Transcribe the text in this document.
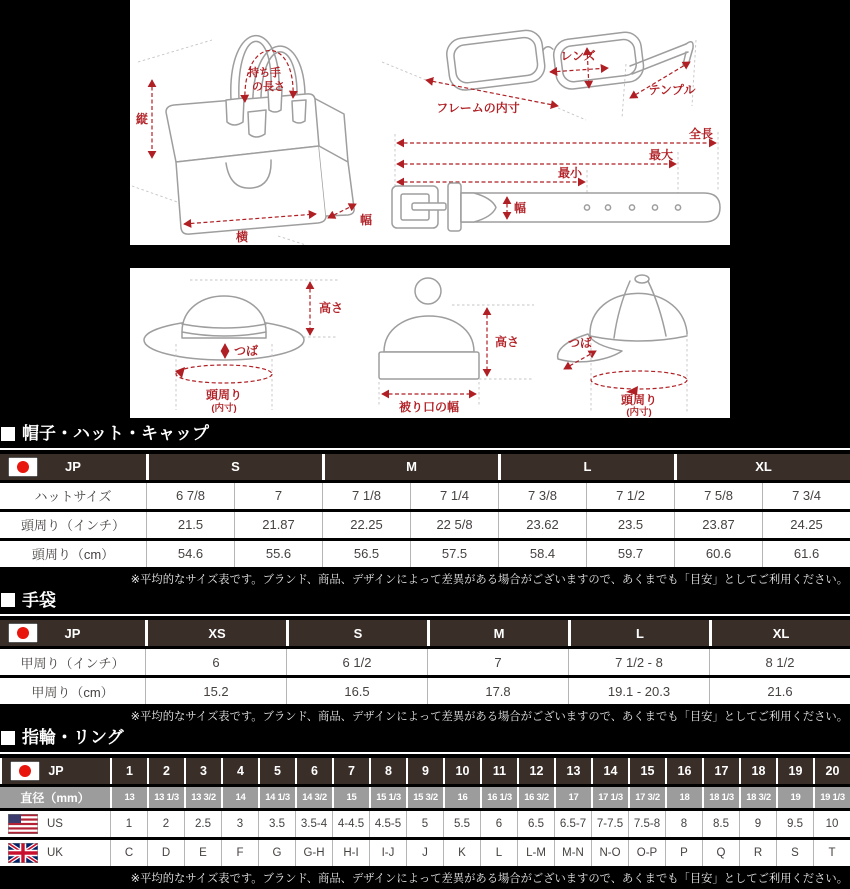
縦
横
幅
持ち手
の長さ
レンズ
フレームの内寸
テンプル
全長
最大
最小
幅
高さ
つば
頭周り
(内寸)
高さ
被り口の幅
つば
頭周り
(内寸)
帽子・ハット・キャップ
JP	S		M		L		XL	
ハットサイズ	6 7/8	7	7 1/8	7 1/4	7 3/8	7 1/2	7 5/8	7 3/4
頭周り（インチ）	21.5	21.87	22.25	22 5/8	23.62	23.5	23.87	24.25
頭周り（cm）	54.6	55.6	56.5	57.5	58.4	59.7	60.6	61.6

※平均的なサイズ表です。ブランド、商品、デザインによって差異がある場合がございますので、あくまでも「目安」としてご利用ください。

手袋
JP	XS	S	M	L	XL
甲周り（インチ）	6	6 1/2	7	7 1/2 - 8	8 1/2
甲周り（cm）	15.2	16.5	17.8	19.1 - 20.3	21.6

※平均的なサイズ表です。ブランド、商品、デザインによって差異がある場合がございますので、あくまでも「目安」としてご利用ください。

指輪・リング
JP	1	2	3	4	5	6	7	8	9	10	11	12	13	14	15	16	17	18	19	20
直径（mm）	13	13 1/3	13 3/2	14	14 1/3	14 3/2	15	15 1/3	15 3/2	16	16 1/3	16 3/2	17	17 1/3	17 3/2	18	18 1/3	18 3/2	19	19 1/3

US	1	2	2.5	3	3.5	3.5-4	4-4.5	4.5-5	5	5.5	6	6.5	6.5-7	7-7.5	7.5-8	8	8.5	9	9.5	10

UK	C	D	E	F	G	G-H	H-I	I-J	J	K	L	L-M	M-N	N-O	O-P	P	Q	R	S	T

※平均的なサイズ表です。ブランド、商品、デザインによって差異がある場合がございますので、あくまでも「目安」としてご利用ください。
